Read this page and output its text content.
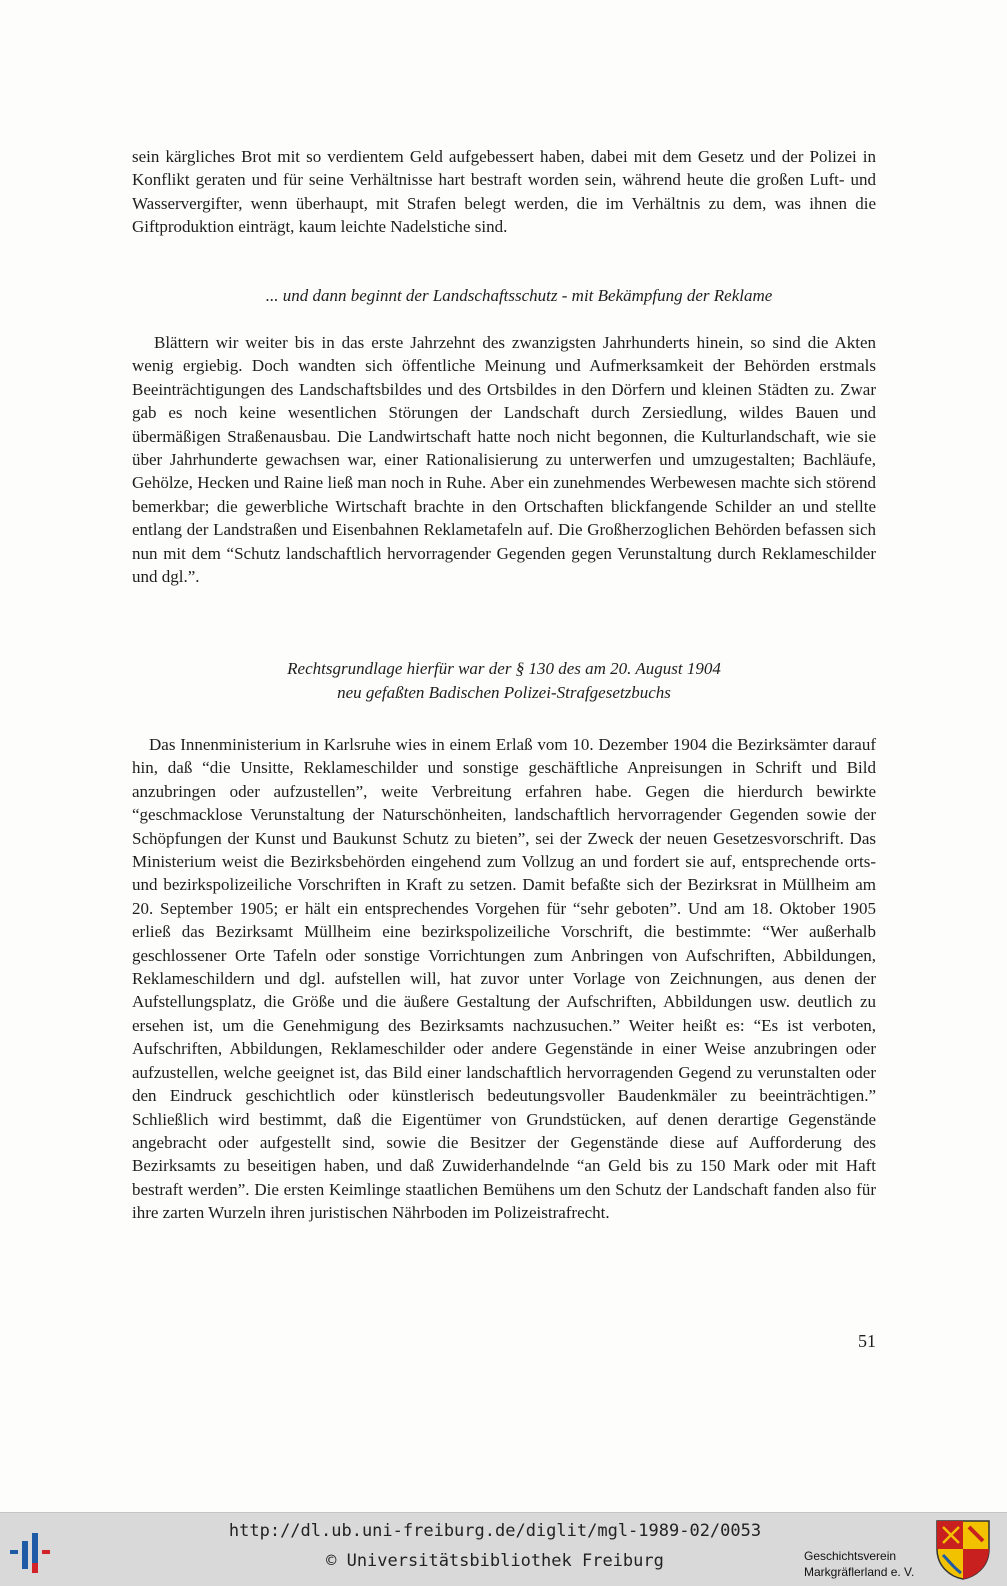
sein kärgliches Brot mit so verdientem Geld aufgebessert haben, dabei mit dem Gesetz und der Polizei in Konflikt geraten und für seine Verhältnisse hart bestraft worden sein, während heute die großen Luft- und Wasservergifter, wenn überhaupt, mit Strafen belegt werden, die im Verhältnis zu dem, was ihnen die Giftproduktion einträgt, kaum leichte Nadelstiche sind.

... und dann beginnt der Landschaftsschutz - mit Bekämpfung der Reklame

Blättern wir weiter bis in das erste Jahrzehnt des zwanzigsten Jahrhunderts hinein, so sind die Akten wenig ergiebig. Doch wandten sich öffentliche Meinung und Aufmerksamkeit der Behörden erstmals Beeinträchtigungen des Landschaftsbildes und des Ortsbildes in den Dörfern und kleinen Städten zu. Zwar gab es noch keine wesentlichen Störungen der Landschaft durch Zersiedlung, wildes Bauen und übermäßigen Straßenausbau. Die Landwirtschaft hatte noch nicht begonnen, die Kulturlandschaft, wie sie über Jahrhunderte gewachsen war, einer Rationalisierung zu unterwerfen und umzugestalten; Bachläufe, Gehölze, Hecken und Raine ließ man noch in Ruhe. Aber ein zunehmendes Werbewesen machte sich störend bemerkbar; die gewerbliche Wirtschaft brachte in den Ortschaften blickfangende Schilder an und stellte entlang der Landstraßen und Eisenbahnen Reklametafeln auf. Die Großherzoglichen Behörden befassen sich nun mit dem “Schutz landschaftlich hervorragender Gegenden gegen Verunstaltung durch Reklameschilder und dgl.”.

Rechtsgrundlage hierfür war der § 130 des am 20. August 1904
neu gefaßten Badischen Polizei-Strafgesetzbuchs

Das Innenministerium in Karlsruhe wies in einem Erlaß vom 10. Dezember 1904 die Bezirksämter darauf hin, daß “die Unsitte, Reklameschilder und sonstige geschäftliche Anpreisungen in Schrift und Bild anzubringen oder aufzustellen”, weite Verbreitung erfahren habe. Gegen die hierdurch bewirkte “geschmacklose Verunstaltung der Naturschönheiten, landschaftlich hervorragender Gegenden sowie der Schöpfungen der Kunst und Baukunst Schutz zu bieten”, sei der Zweck der neuen Gesetzesvorschrift. Das Ministerium weist die Bezirksbehörden eingehend zum Vollzug an und fordert sie auf, entsprechende orts- und bezirkspolizeiliche Vorschriften in Kraft zu setzen. Damit befaßte sich der Bezirksrat in Müllheim am 20. September 1905; er hält ein entsprechendes Vorgehen für “sehr geboten”. Und am 18. Oktober 1905 erließ das Bezirksamt Müllheim eine bezirkspolizeiliche Vorschrift, die bestimmte: “Wer außerhalb geschlossener Orte Tafeln oder sonstige Vorrichtungen zum Anbringen von Aufschriften, Abbildungen, Reklameschildern und dgl. aufstellen will, hat zuvor unter Vorlage von Zeichnungen, aus denen der Aufstellungsplatz, die Größe und die äußere Gestaltung der Aufschriften, Abbildungen usw. deutlich zu ersehen ist, um die Genehmigung des Bezirksamts nachzusuchen.” Weiter heißt es: “Es ist verboten, Aufschriften, Abbildungen, Reklameschilder oder andere Gegenstände in einer Weise anzubringen oder aufzustellen, welche geeignet ist, das Bild einer landschaftlich hervorragenden Gegend zu verunstalten oder den Eindruck geschichtlich oder künstlerisch bedeutungsvoller Baudenkmäler zu beeinträchtigen.” Schließlich wird bestimmt, daß die Eigentümer von Grundstücken, auf denen derartige Gegenstände angebracht oder aufgestellt sind, sowie die Besitzer der Gegenstände diese auf Aufforderung des Bezirksamts zu beseitigen haben, und daß Zuwiderhandelnde “an Geld bis zu 150 Mark oder mit Haft bestraft werden”. Die ersten Keimlinge staatlichen Bemühens um den Schutz der Landschaft fanden also für ihre zarten Wurzeln ihren juristischen Nährboden im Polizeistrafrecht.

51
http://dl.ub.uni-freiburg.de/diglit/mgl-1989-02/0053
© Universitätsbibliothek Freiburg	Geschichtsverein
Markgräflerland e. V.
